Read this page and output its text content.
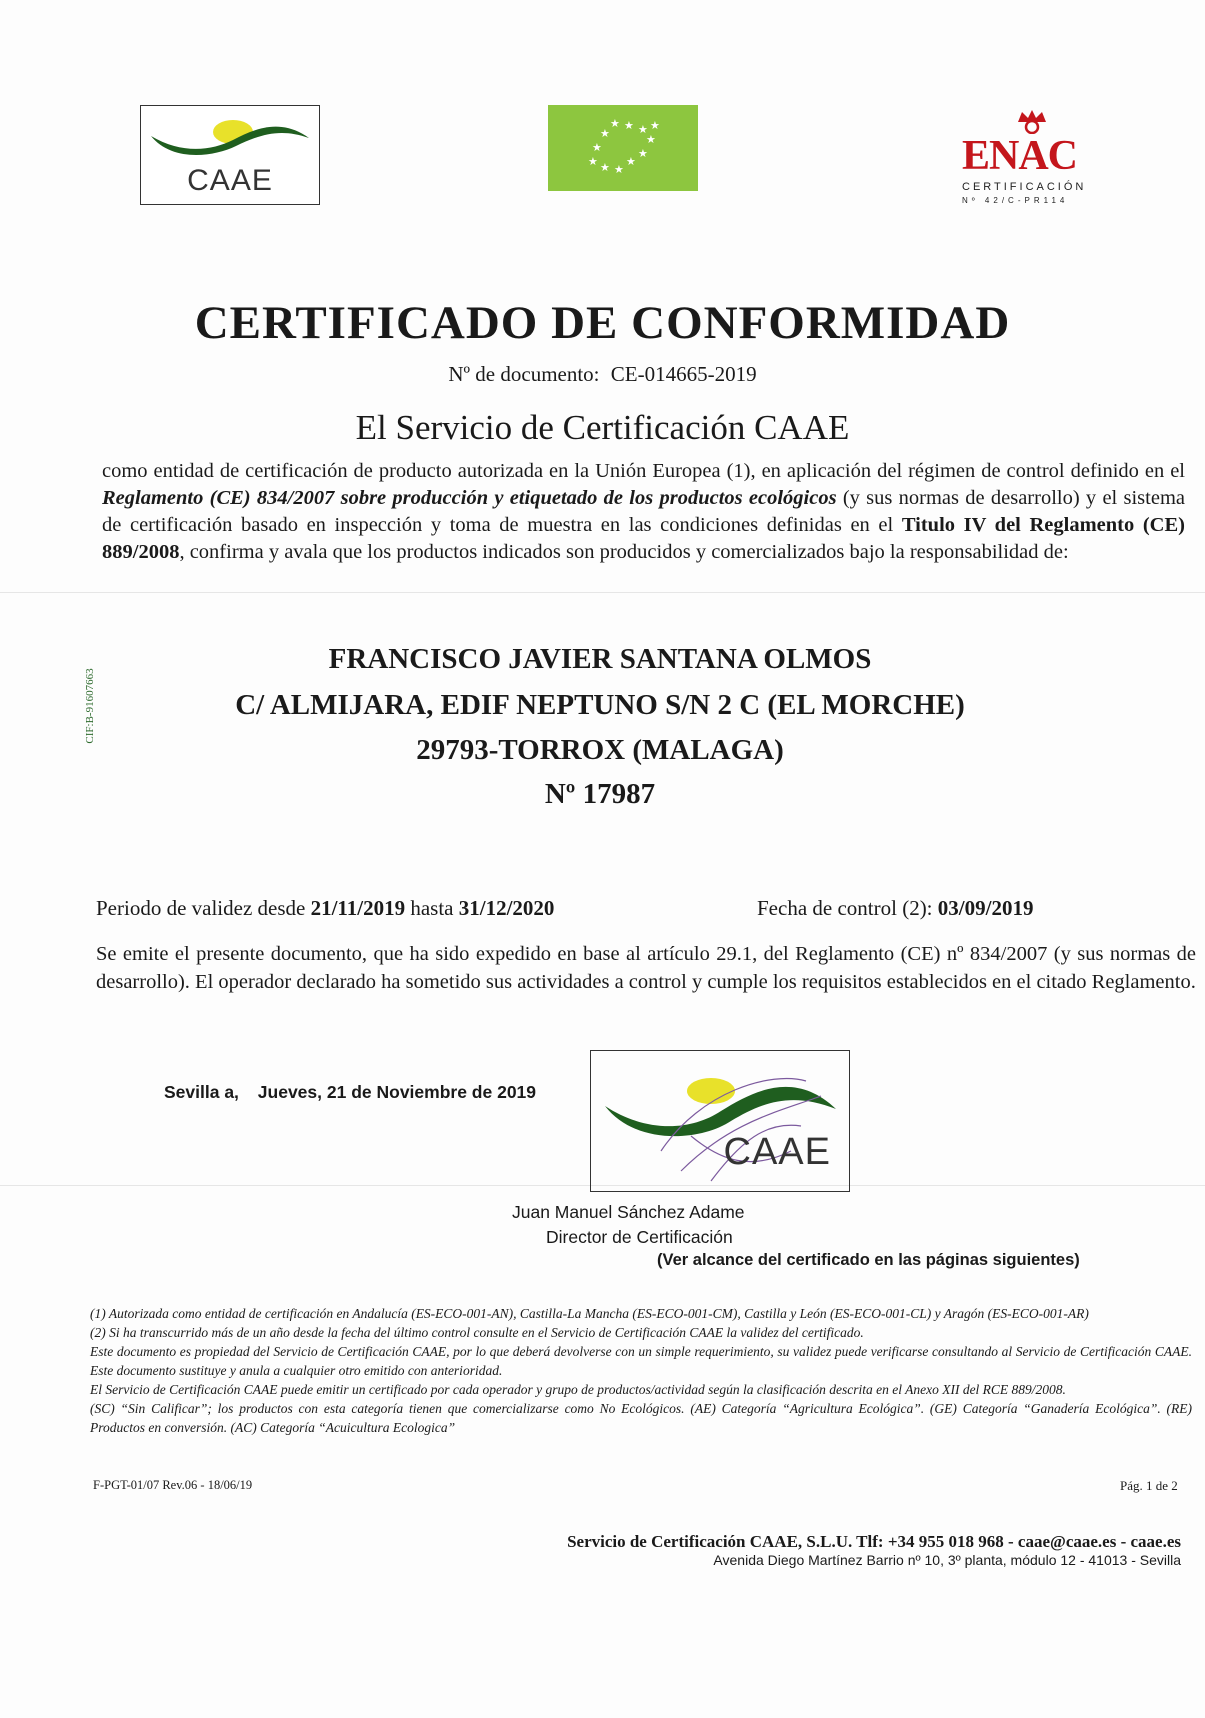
CAAE
★ ★ ★ ★
★	★
★	★
★	★
★ ★	ENAC
CERTIFICACIÓN
Nº 42/C-PR114
CERTIFICADO DE CONFORMIDAD
Nº de documento: CE-014665-2019
El Servicio de Certificación CAAE
como entidad de certificación de producto autorizada en la Unión Europea (1), en aplicación del régimen de control definido en el Reglamento (CE) 834/2007 sobre producción y etiquetado de los productos ecológicos (y sus normas de desarrollo) y el sistema de certificación basado en inspección y toma de muestra en las condiciones definidas en el Titulo IV del Reglamento (CE) 889/2008, confirma y avala que los productos indicados son producidos y comercializados bajo la responsabilidad de:
FRANCISCO JAVIER SANTANA OLMOS
C/ ALMIJARA, EDIF NEPTUNO S/N 2 C (EL MORCHE)
29793-TORROX (MALAGA)
Nº 17987
CIF:B-91607663
Periodo de validez desde 21/11/2019 hasta 31/12/2020	Fecha de control (2): 03/09/2019
Se emite el presente documento, que ha sido expedido en base al artículo 29.1, del Reglamento (CE) nº 834/2007 (y sus normas de desarrollo). El operador declarado ha sometido sus actividades a control y cumple los requisitos establecidos en el citado Reglamento.
Sevilla a, Jueves, 21 de Noviembre de 2019
CAAE
Juan Manuel Sánchez Adame
Director de Certificación
(Ver alcance del certificado en las páginas siguientes)

(1) Autorizada como entidad de certificación en Andalucía (ES-ECO-001-AN), Castilla-La Mancha (ES-ECO-001-CM), Castilla y León (ES-ECO-001-CL) y Aragón (ES-ECO-001-AR)

(2) Si ha transcurrido más de un año desde la fecha del último control consulte en el Servicio de Certificación CAAE la validez del certificado.

Este documento es propiedad del Servicio de Certificación CAAE, por lo que deberá devolverse con un simple requerimiento, su validez puede verificarse consultando al Servicio de Certificación CAAE. Este documento sustituye y anula a cualquier otro emitido con anterioridad.

El Servicio de Certificación CAAE puede emitir un certificado por cada operador y grupo de productos/actividad según la clasificación descrita en el Anexo XII del RCE 889/2008.

(SC) “Sin Calificar”; los productos con esta categoría tienen que comercializarse como No Ecológicos. (AE) Categoría “Agricultura Ecológica”. (GE) Categoría “Ganadería Ecológica”. (RE) Productos en conversión. (AC) Categoría “Acuicultura Ecologica”

F-PGT-01/07 Rev.06 - 18/06/19	Pág. 1 de 2
Servicio de Certificación CAAE, S.L.U. Tlf: +34 955 018 968 - caae@caae.es - caae.es
Avenida Diego Martínez Barrio nº 10, 3º planta, módulo 12 - 41013 - Sevilla
